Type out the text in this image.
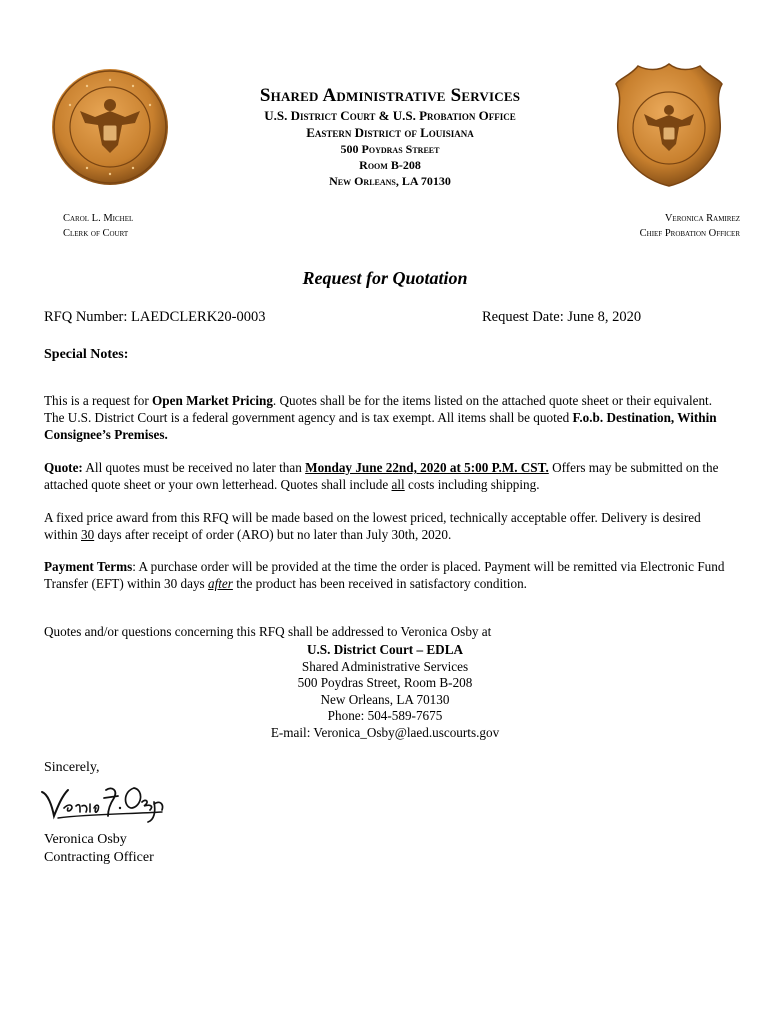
Shared Administrative Services
U.S. District Court & U.S. Probation Office
Eastern District of Louisiana
500 Poydras Street
Room B-208
New Orleans, LA 70130
Carol L. Michel
Clerk of Court
Veronica Ramirez
Chief Probation Officer
Request for Quotation
RFQ Number: LAEDCLERK20-0003	Request Date: June 8, 2020
Special Notes:

This is a request for Open Market Pricing. Quotes shall be for the items listed on the attached quote sheet or their equivalent. The U.S. District Court is a federal government agency and is tax exempt. All items shall be quoted F.o.b. Destination, Within Consignee’s Premises.

Quote: All quotes must be received no later than Monday June 22nd, 2020 at 5:00 P.M. CST. Offers may be submitted on the attached quote sheet or your own letterhead. Quotes shall include all costs including shipping.

A fixed price award from this RFQ will be made based on the lowest priced, technically acceptable offer. Delivery is desired within 30 days after receipt of order (ARO) but no later than July 30th, 2020.

Payment Terms: A purchase order will be provided at the time the order is placed. Payment will be remitted via Electronic Fund Transfer (EFT) within 30 days after the product has been received in satisfactory condition.

Quotes and/or questions concerning this RFQ shall be addressed to Veronica Osby at

U.S. District Court – EDLA
Shared Administrative Services
500 Poydras Street, Room B-208
New Orleans, LA 70130
Phone: 504-589-7675
E-mail: Veronica_Osby@laed.uscourts.gov
Sincerely,
Veronica Osby
Contracting Officer
